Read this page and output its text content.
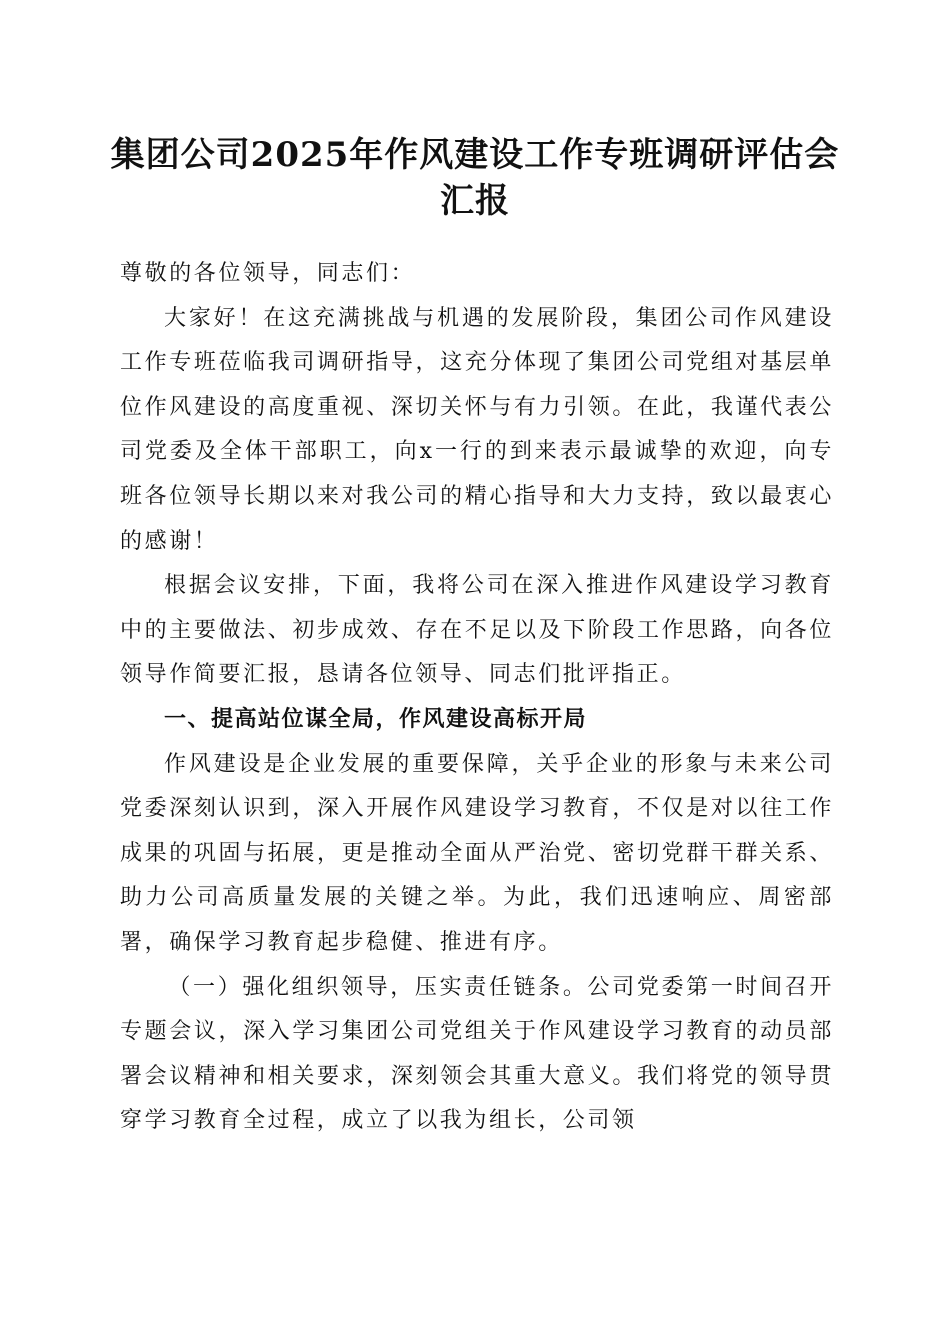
集团公司2025年作风建设工作专班调研评估会汇报

尊敬的各位领导，同志们：

大家好！在这充满挑战与机遇的发展阶段，集团公司作风建设工作专班莅临我司调研指导，这充分体现了集团公司党组对基层单位作风建设的高度重视、深切关怀与有力引领。在此，我谨代表公司党委及全体干部职工，向x一行的到来表示最诚挚的欢迎，向专班各位领导长期以来对我公司的精心指导和大力支持，致以最衷心的感谢！

根据会议安排，下面，我将公司在深入推进作风建设学习教育中的主要做法、初步成效、存在不足以及下阶段工作思路，向各位领导作简要汇报，恳请各位领导、同志们批评指正。

一、提高站位谋全局，作风建设高标开局

作风建设是企业发展的重要保障，关乎企业的形象与未来公司党委深刻认识到，深入开展作风建设学习教育，不仅是对以往工作成果的巩固与拓展，更是推动全面从严治党、密切党群干群关系、助力公司高质量发展的关键之举。为此，我们迅速响应、周密部署，确保学习教育起步稳健、推进有序。

（一）强化组织领导，压实责任链条。公司党委第一时间召开专题会议，深入学习集团公司党组关于作风建设学习教育的动员部署会议精神和相关要求，深刻领会其重大意义。我们将党的领导贯穿学习教育全过程，成立了以我为组长，公司领
